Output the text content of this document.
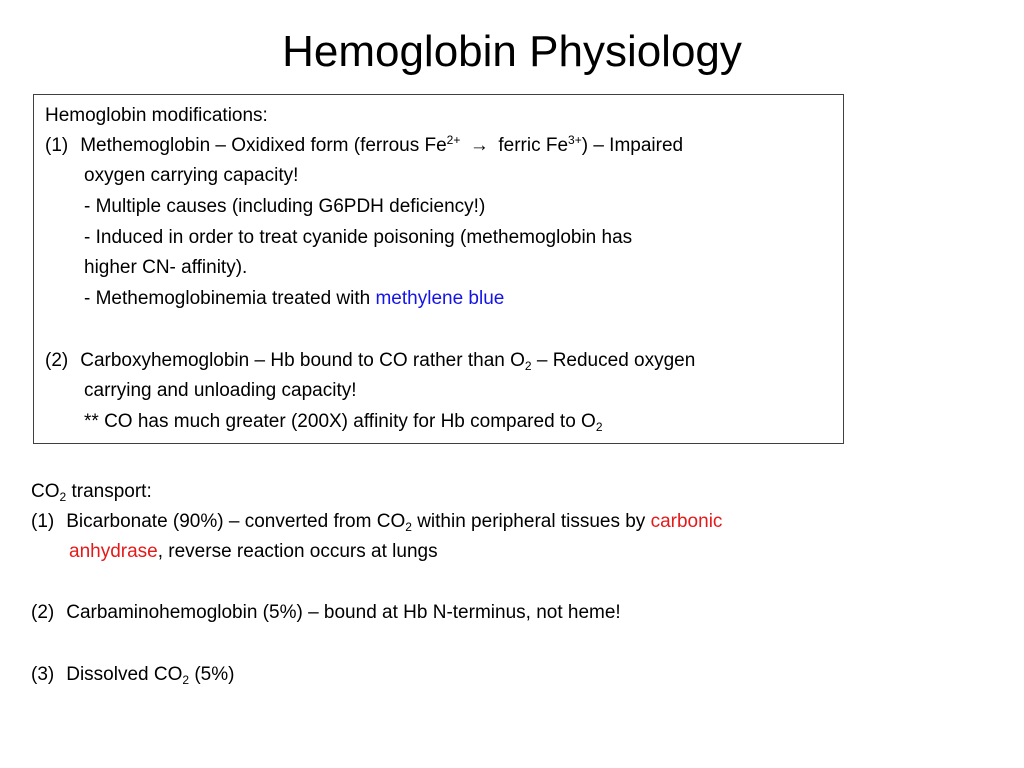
Hemoglobin Physiology
Hemoglobin modifications:
(1) Methemoglobin – Oxidixed form (ferrous $Fe^{2+}$ → ferric $Fe^{3+}$) – Impaired
oxygen carrying capacity!
- Multiple causes (including G6PDH deficiency!)
- Induced in order to treat cyanide poisoning (methemoglobin has
higher CN- affinity).
- Methemoglobinemia treated with methylene blue
(2) Carboxyhemoglobin – Hb bound to CO rather than $O_2$ – Reduced oxygen
carrying and unloading capacity!
** CO has much greater (200X) affinity for Hb compared to $O_2$
$CO_2$ transport:
(1) Bicarbonate (90%) – converted from $CO_2$ within peripheral tissues by carbonic
anhydrase, reverse reaction occurs at lungs
(2) Carbaminohemoglobin (5%) – bound at Hb N-terminus, not heme!
(3) Dissolved $CO_2$ (5%)
